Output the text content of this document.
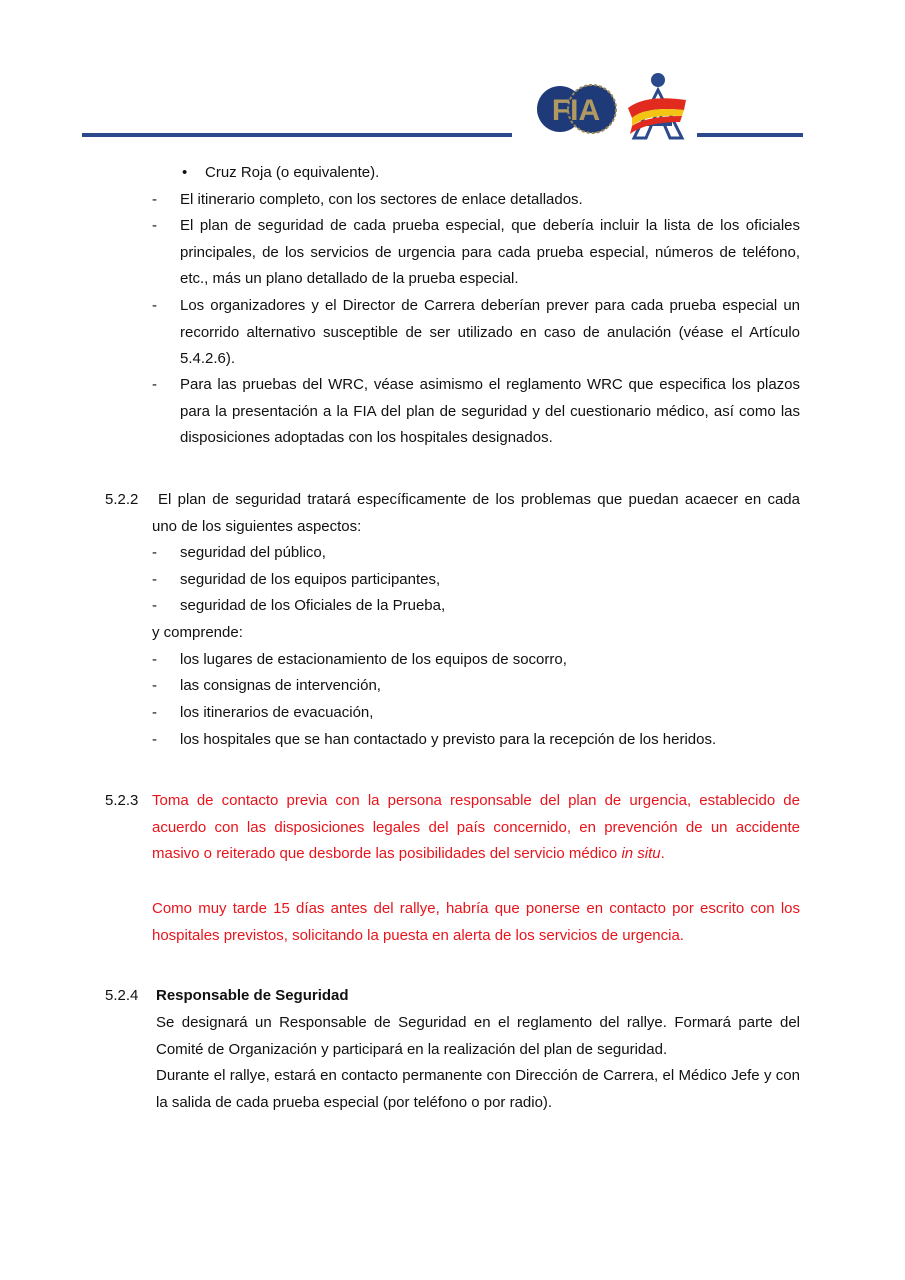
FIA
• Cruz Roja (o equivalente).
- El itinerario completo, con los sectores de enlace detallados.
- El plan de seguridad de cada prueba especial, que debería incluir la lista de los oficiales principales, de los servicios de urgencia para cada prueba especial, números de teléfono, etc., más un plano detallado de la prueba especial.
- Los organizadores y el Director de Carrera deberían prever para cada prueba especial un recorrido alternativo susceptible de ser utilizado en caso de anulación (véase el Artículo 5.4.2.6).
- Para las pruebas del WRC, véase asimismo el reglamento WRC que especifica los plazos para la presentación a la FIA del plan de seguridad y del cuestionario médico, así como las disposiciones adoptadas con los hospitales designados.
5.2.2	El plan de seguridad tratará específicamente de los problemas que puedan acaecer en cada uno de los siguientes aspectos:
- seguridad del público,
- seguridad de los equipos participantes,
- seguridad de los Oficiales de la Prueba,
y comprende:
- los lugares de estacionamiento de los equipos de socorro,
- las consignas de intervención,
- los itinerarios de evacuación,
- los hospitales que se han contactado y previsto para la recepción de los heridos.
5.2.3 Toma de contacto previa con la persona responsable del plan de urgencia, establecido de acuerdo con las disposiciones legales del país concernido, en prevención de un accidente masivo o reiterado que desborde las posibilidades del servicio médico in situ.
Como muy tarde 15 días antes del rallye, habría que ponerse en contacto por escrito con los hospitales previstos, solicitando la puesta en alerta de los servicios de urgencia.
5.2.4 Responsable de Seguridad
Se designará un Responsable de Seguridad en el reglamento del rallye. Formará parte del Comité de Organización y participará en la realización del plan de seguridad.
Durante el rallye, estará en contacto permanente con Dirección de Carrera, el Médico Jefe y con la salida de cada prueba especial (por teléfono o por radio).
